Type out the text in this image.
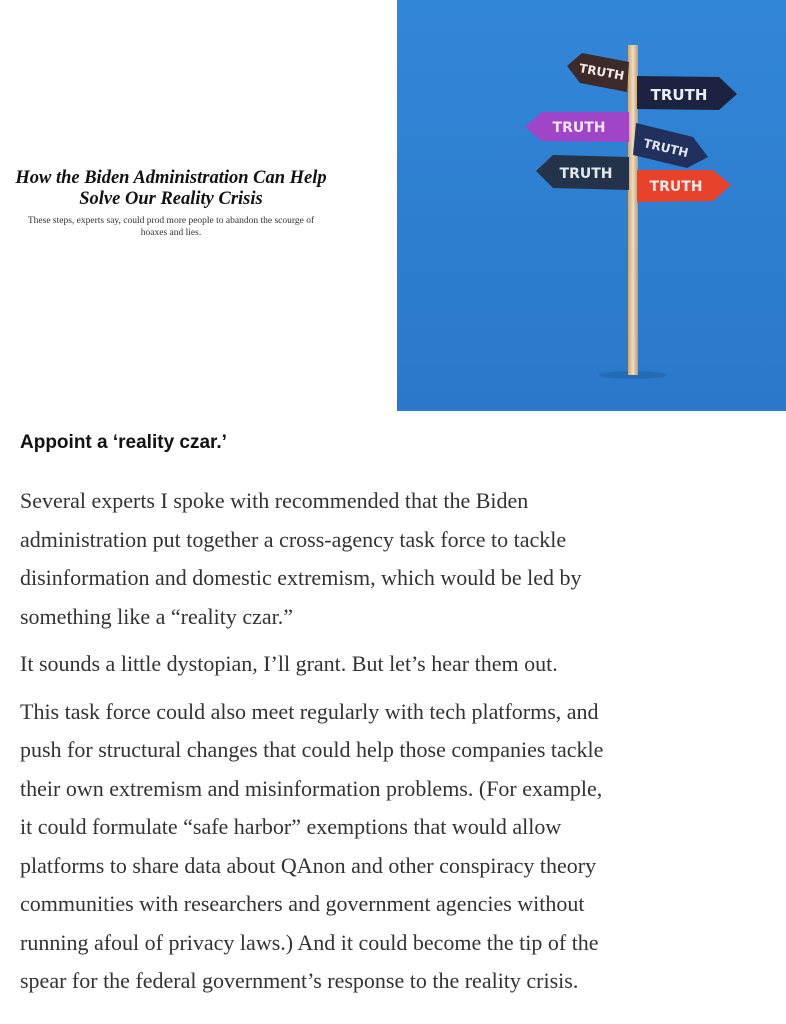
How the Biden Administration Can Help Solve Our Reality Crisis

These steps, experts say, could prod more people to abandon the scourge of hoaxes and lies.

TRUTH
TRUTH
TRUTH
TRUTH
TRUTH
TRUTH
Appoint a ‘reality czar.’

Several experts I spoke with recommended that the Biden
administration put together a cross-agency task force to tackle
disinformation and domestic extremism, which would be led by
something like a “reality czar.”

It sounds a little dystopian, I’ll grant. But let’s hear them out.

This task force could also meet regularly with tech platforms, and
push for structural changes that could help those companies tackle
their own extremism and misinformation problems. (For example,
it could formulate “safe harbor” exemptions that would allow
platforms to share data about QAnon and other conspiracy theory
communities with researchers and government agencies without
running afoul of privacy laws.) And it could become the tip of the
spear for the federal government’s response to the reality crisis.
